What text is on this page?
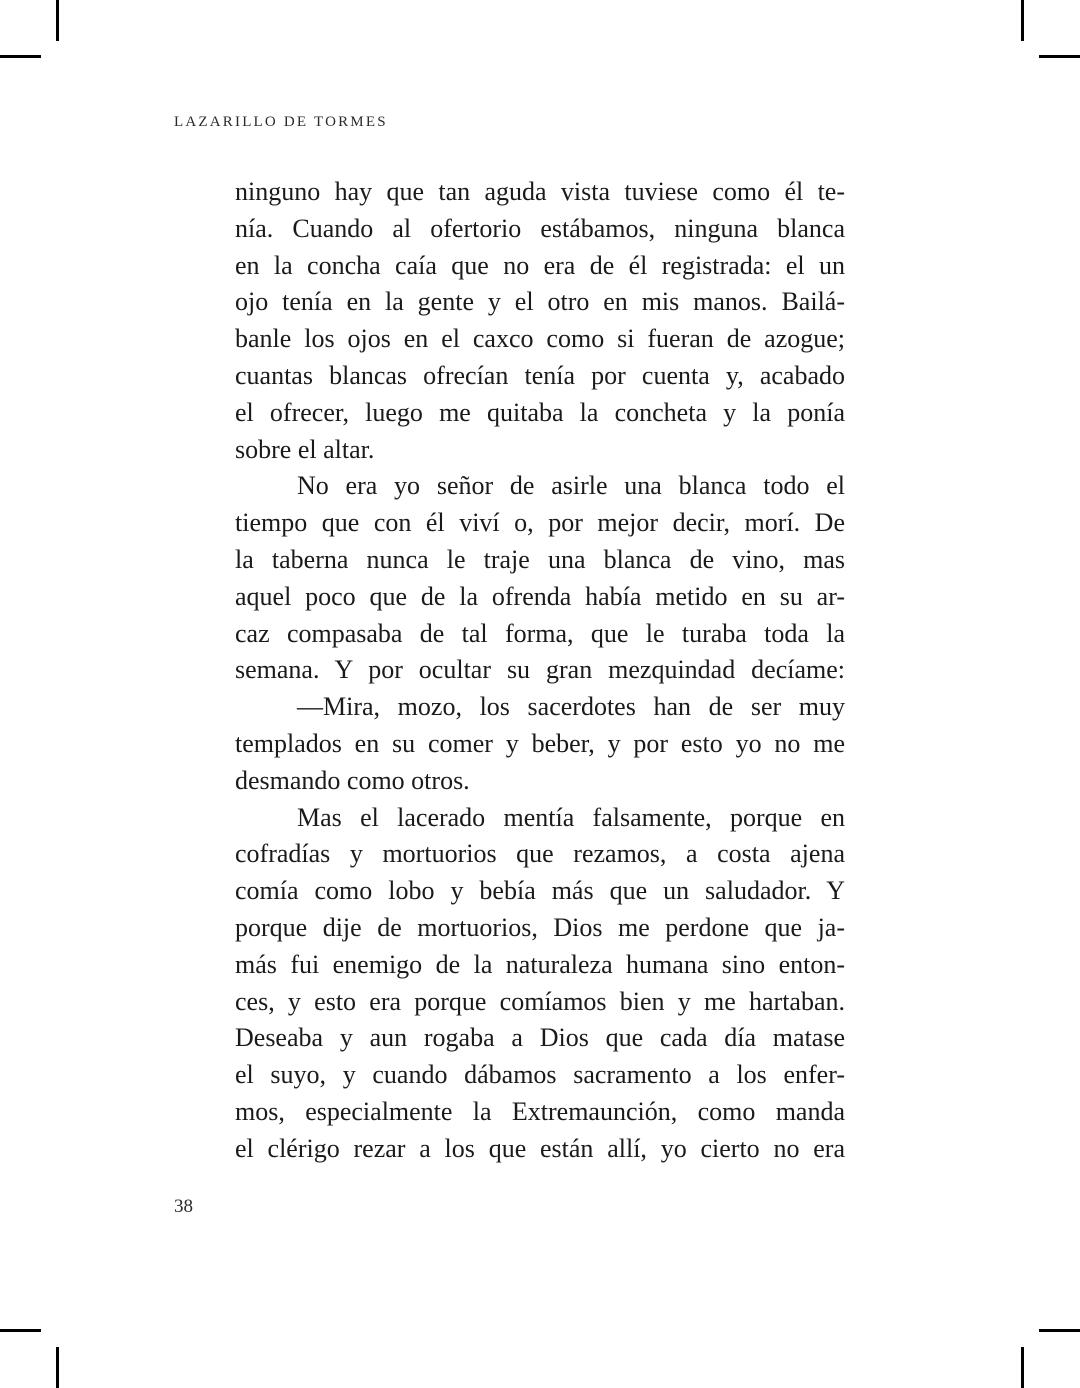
LAZARILLO DE TORMES
ninguno hay que tan aguda vista tuviese como él te-
nía. Cuando al ofertorio estábamos, ninguna blanca
en la concha caía que no era de él registrada: el un
ojo tenía en la gente y el otro en mis manos. Bailá-
banle los ojos en el caxco como si fueran de azogue;
cuantas blancas ofrecían tenía por cuenta y, acabado
el ofrecer, luego me quitaba la concheta y la ponía
sobre el altar.
No era yo señor de asirle una blanca todo el
tiempo que con él viví o, por mejor decir, morí. De
la taberna nunca le traje una blanca de vino, mas
aquel poco que de la ofrenda había metido en su ar-
caz compasaba de tal forma, que le turaba toda la
semana. Y por ocultar su gran mezquindad decíame:
—Mira, mozo, los sacerdotes han de ser muy
templados en su comer y beber, y por esto yo no me
desmando como otros.
Mas el lacerado mentía falsamente, porque en
cofradías y mortuorios que rezamos, a costa ajena
comía como lobo y bebía más que un saludador. Y
porque dije de mortuorios, Dios me perdone que ja-
más fui enemigo de la naturaleza humana sino enton-
ces, y esto era porque comíamos bien y me hartaban.
Deseaba y aun rogaba a Dios que cada día matase
el suyo, y cuando dábamos sacramento a los enfer-
mos, especialmente la Extremaunción, como manda
el clérigo rezar a los que están allí, yo cierto no era
38
